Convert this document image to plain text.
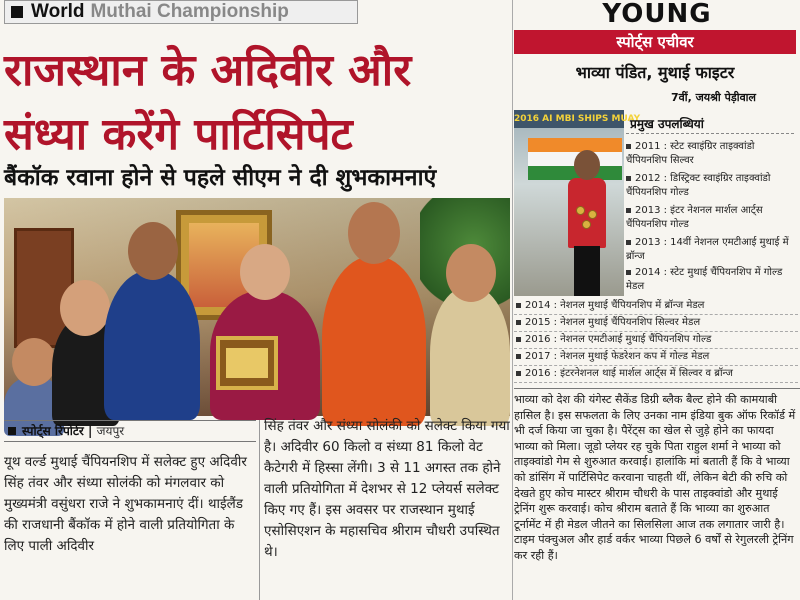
World Muthai Championship
राजस्थान के अदिवीर और
संध्या करेंगे पार्टिसिपेट
बैंकॉक रवाना होने से पहले सीएम ने दी शुभकामनाएं
स्पोर्ट्स रिपोर्टर | जयपुर
यूथ वर्ल्ड मुथाई चैंपियनशिप में सलेक्ट हुए अदिवीर सिंह तंवर और संध्या सोलंकी को मंगलवार को मुख्यमंत्री वसुंधरा राजे ने शुभकामनाएं दीं। थाईलैंड की राजधानी बैंकॉक में होने वाली प्रतियोगिता के लिए पाली अदिवीर
सिंह तंवर और संध्या सोलंकी को सलेक्ट किया गया है। अदिवीर 60 किलो व संध्या 81 किलो वेट कैटेगरी में हिस्सा लेंगी। 3 से 11 अगस्त तक होने वाली प्रतियोगिता में देशभर से 12 प्लेयर्स सलेक्ट किए गए हैं। इस अवसर पर राजस्थान मुथाई एसोसिएशन के महासचिव श्रीराम चौधरी उपस्थित थे।
YOUNG
स्पोर्ट्स एचीवर
भाव्या पंडित, मुथाई फाइटर
7वीं, जयश्री पेड़ीवाल
2016 AI MBI SHIPS MUAY
प्रमुख उपलब्धियां
2011 : स्टेट स्वाइंग्रिर ताइक्वांडो चैंपियनशिप सिल्वर
2012 : डिस्ट्रिक्ट स्वाइंग्रिर ताइक्वांडो चैंपियनशिप गोल्ड
2013 : इंटर नेशनल मार्शल आर्ट्स चैंपियनशिप गोल्ड
2013 : 14वीं नेशनल एमटीआई मुथाई में ब्रॉन्ज
2014 : स्टेट मुथाई चैंपियनशिप में गोल्ड मेडल
2014 : नेशनल मुथाई चैंपियनशिप में ब्रॉन्ज मेडल
2015 : नेशनल मुथाई चैंपियनशिप सिल्वर मेडल
2016 : नेशनल एमटीआई मुथाई चैंपियनशिप गोल्ड
2017 : नेशनल मुथाई फेडरेशन कप में गोल्ड मेडल
2016 : इंटरनेशनल थाई मार्शल आर्ट्स में सिल्वर व ब्रॉन्ज
भाव्या को देश की यंगेस्ट सैकेंड डिग्री ब्लैक बैल्ट होने की कामयाबी हासिल है। इस सफलता के लिए उनका नाम इंडिया बुक ऑफ रिकॉर्ड में भी दर्ज किया जा चुका है। पैरेंट्स का खेल से जुड़े होने का फायदा भाव्या को मिला। जूडो प्लेयर रह चुके पिता राहुल शर्मा ने भाव्या को ताइक्वांडो गेम से शुरुआत करवाई। हालांकि मां बताती हैं कि वे भाव्या को डांसिंग में पार्टिसिपेट करवाना चाहती थीं, लेकिन बेटी की रुचि को देखते हुए कोच मास्टर श्रीराम चौधरी के पास ताइक्वांडो और मुथाई ट्रेनिंग शुरू करवाई। कोच श्रीराम बताते हैं कि भाव्या का शुरुआत टूर्नामेंट में ही मेडल जीतने का सिलसिला आज तक लगातार जारी है। टाइम पंक्चुअल और हार्ड वर्कर भाव्या पिछले 6 वर्षों से रेगुलरली ट्रेनिंग कर रही हैं।
